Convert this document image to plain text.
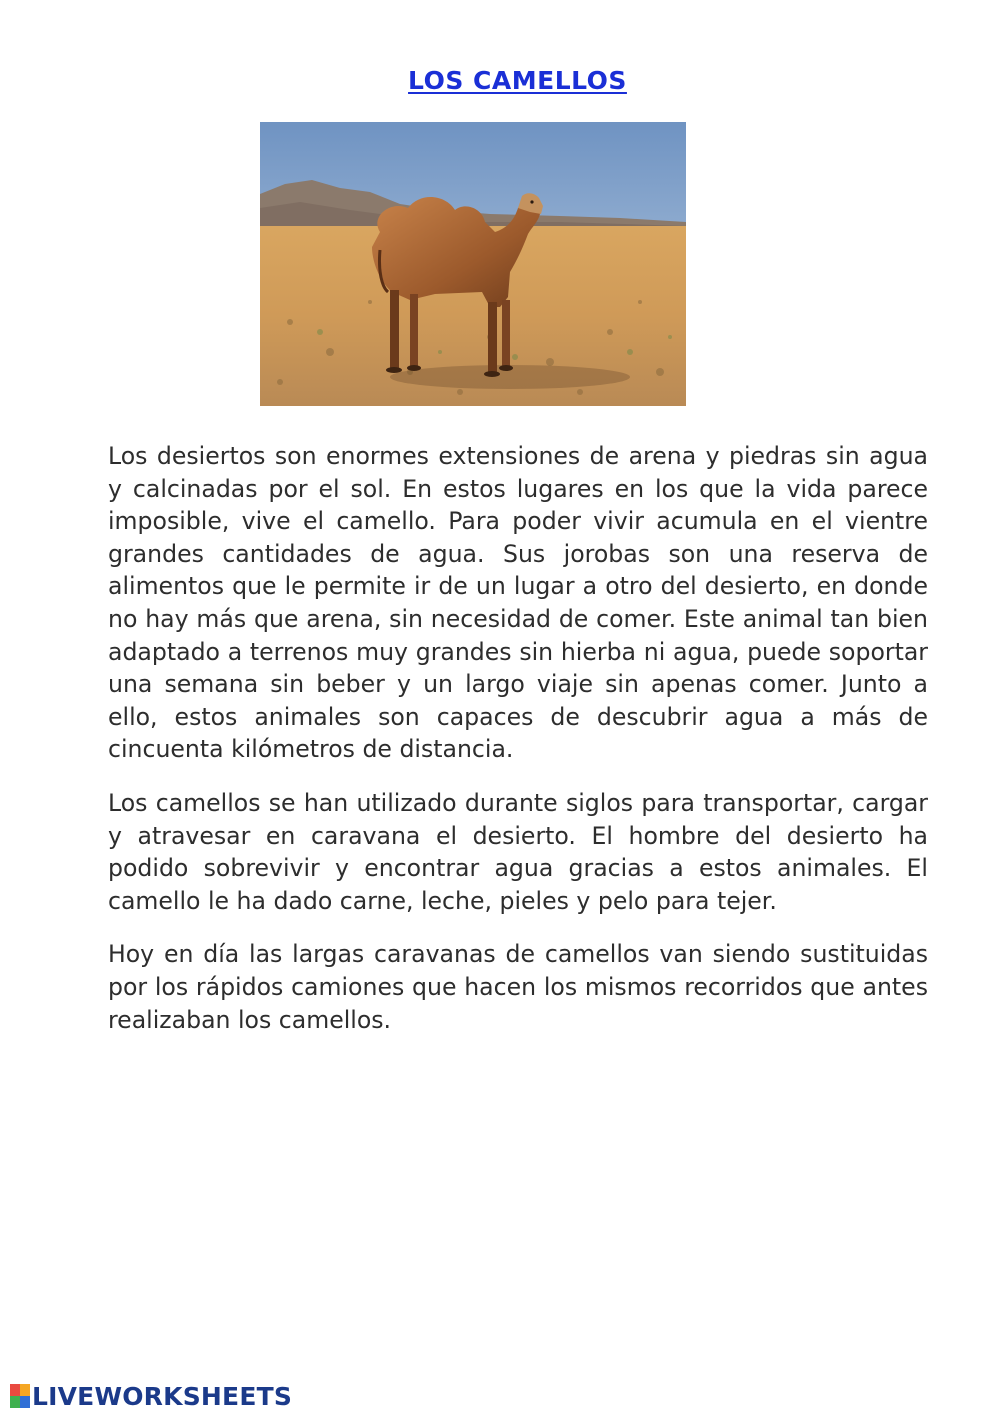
LOS CAMELLOS

Los desiertos son enormes extensiones de arena y piedras sin agua y calcinadas por el sol. En estos lugares en los que la vida parece imposible, vive el camello. Para poder vivir acumula en el vientre grandes cantidades de agua. Sus jorobas son una reserva de alimentos que le permite ir de un lugar a otro del desierto, en donde no hay más que arena, sin necesidad de comer. Este animal tan bien adaptado a terrenos muy grandes sin hierba ni agua, puede soportar una semana sin beber y un largo viaje sin apenas comer. Junto a ello, estos animales son capaces de descubrir agua a más de cincuenta kilómetros de distancia.

Los camellos se han utilizado durante siglos para transportar, cargar y atravesar en caravana el desierto. El hombre del desierto ha podido sobrevivir y encontrar agua gracias a estos animales. El camello le ha dado carne, leche, pieles y pelo para tejer.

Hoy en día las largas caravanas de camellos van siendo sustituidas por los rápidos camiones que hacen los mismos recorridos que antes realizaban los camellos.

LIVEWORKSHEETS
